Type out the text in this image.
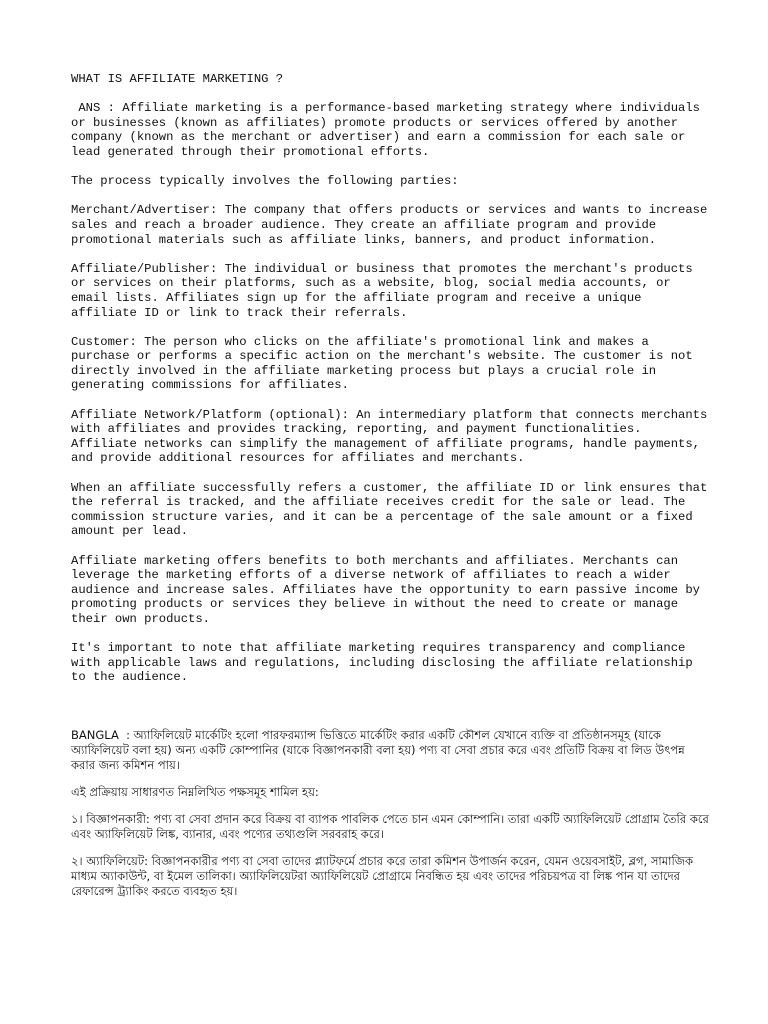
WHAT IS AFFILIATE MARKETING ?

ANS : Affiliate marketing is a performance-based marketing strategy where individuals or businesses (known as affiliates) promote products or services offered by another company (known as the merchant or advertiser) and earn a commission for each sale or lead generated through their promotional efforts.

The process typically involves the following parties:

Merchant/Advertiser: The company that offers products or services and wants to increase sales and reach a broader audience. They create an affiliate program and provide promotional materials such as affiliate links, banners, and product information.

Affiliate/Publisher: The individual or business that promotes the merchant's products or services on their platforms, such as a website, blog, social media accounts, or email lists. Affiliates sign up for the affiliate program and receive a unique affiliate ID or link to track their referrals.

Customer: The person who clicks on the affiliate's promotional link and makes a purchase or performs a specific action on the merchant's website. The customer is not directly involved in the affiliate marketing process but plays a crucial role in generating commissions for affiliates.

Affiliate Network/Platform (optional): An intermediary platform that connects merchants with affiliates and provides tracking, reporting, and payment functionalities. Affiliate networks can simplify the management of affiliate programs, handle payments, and provide additional resources for affiliates and merchants.

When an affiliate successfully refers a customer, the affiliate ID or link ensures that the referral is tracked, and the affiliate receives credit for the sale or lead. The commission structure varies, and it can be a percentage of the sale amount or a fixed amount per lead.

Affiliate marketing offers benefits to both merchants and affiliates. Merchants can leverage the marketing efforts of a diverse network of affiliates to reach a wider audience and increase sales. Affiliates have the opportunity to earn passive income by promoting products or services they believe in without the need to create or manage their own products.

It's important to note that affiliate marketing requires transparency and compliance with applicable laws and regulations, including disclosing the affiliate relationship to the audience.

BANGLA  : অ্যাফিলিয়েট মার্কেটিং হলো পারফরম্যান্স ভিত্তিতে মার্কেটিং করার একটি কৌশল যেখানে ব্যক্তি বা প্রতিষ্ঠানসমূহ (যাকে অ্যাফিলিয়েট বলা হয়) অন্য একটি কোম্পানির (যাকে বিজ্ঞাপনকারী বলা হয়) পণ্য বা সেবা প্রচার করে এবং প্রতিটি বিক্রয় বা লিড উৎপন্ন করার জন্য কমিশন পায়।

এই প্রক্রিয়ায় সাধারণত নিম্নলিখিত পক্ষসমূহ শামিল হয়:

১। বিজ্ঞাপনকারী: পণ্য বা সেবা প্রদান করে বিক্রয় বা ব্যাপক পাবলিক পেতে চান এমন কোম্পানি। তারা একটি অ্যাফিলিয়েট প্রোগ্রাম তৈরি করে এবং অ্যাফিলিয়েট লিঙ্ক, ব্যানার, এবং পণ্যের তথ্যগুলি সরবরাহ করে।

২। অ্যাফিলিয়েট: বিজ্ঞাপনকারীর পণ্য বা সেবা তাদের প্ল্যাটফর্মে প্রচার করে তারা কমিশন উপার্জন করেন, যেমন ওয়েবসাইট, ব্লগ, সামাজিক মাধ্যম অ্যাকাউন্ট, বা ইমেল তালিকা। অ্যাফিলিয়েটরা অ্যাফিলিয়েট প্রোগ্রামে নিবন্ধিত হয় এবং তাদের পরিচয়পত্র বা লিঙ্ক পান যা তাদের রেফারেন্স ট্র্যাকিং করতে ব্যবহৃত হয়।
